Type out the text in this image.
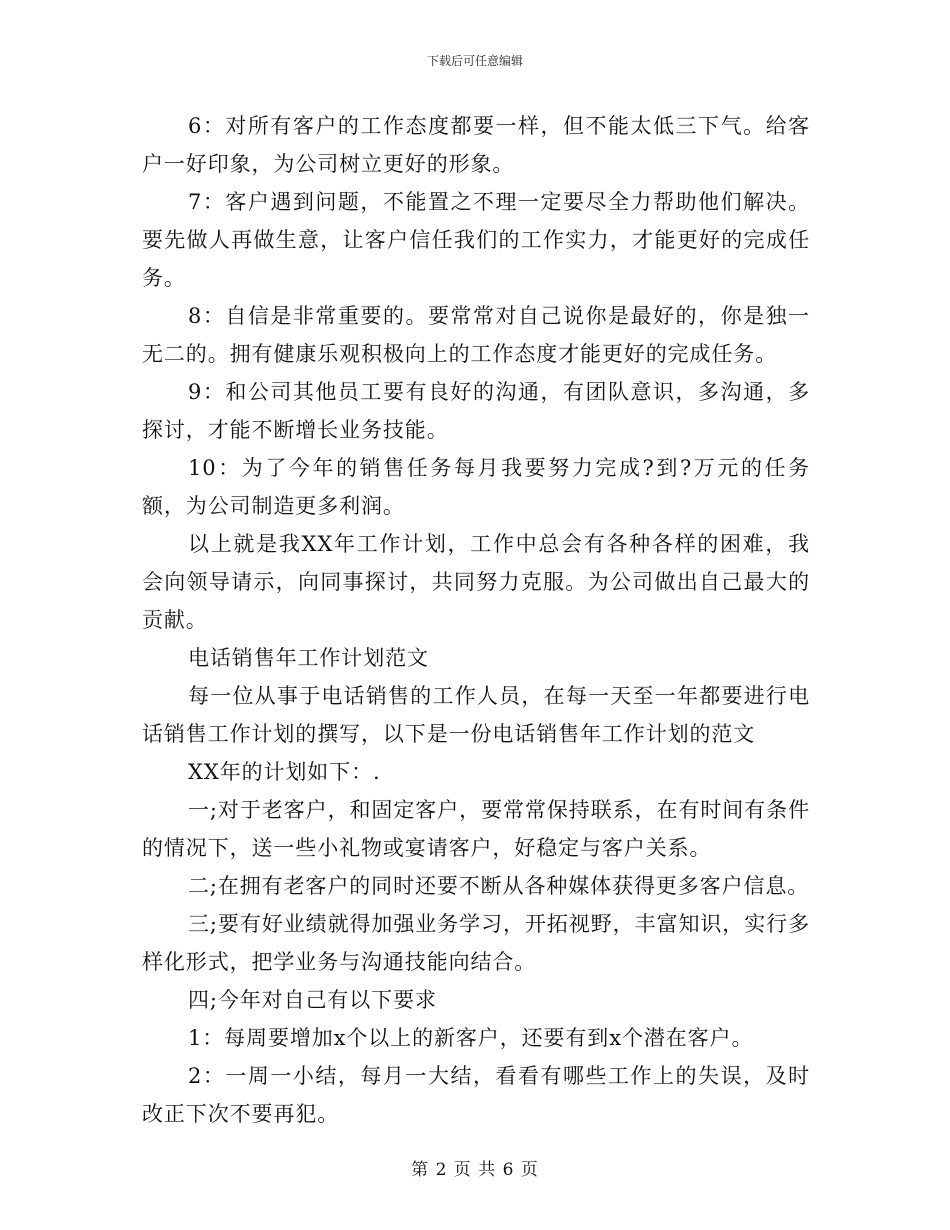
下载后可任意编辑

6：对所有客户的工作态度都要一样，但不能太低三下气。给客户一好印象，为公司树立更好的形象。

7：客户遇到问题，不能置之不理一定要尽全力帮助他们解决。要先做人再做生意，让客户信任我们的工作实力，才能更好的完成任务。

8：自信是非常重要的。要常常对自己说你是最好的，你是独一无二的。拥有健康乐观积极向上的工作态度才能更好的完成任务。

9：和公司其他员工要有良好的沟通，有团队意识，多沟通，多探讨，才能不断增长业务技能。

10：为了今年的销售任务每月我要努力完成?到?万元的任务额，为公司制造更多利润。

以上就是我XX年工作计划，工作中总会有各种各样的困难，我会向领导请示，向同事探讨，共同努力克服。为公司做出自己最大的贡献。

电话销售年工作计划范文

每一位从事于电话销售的工作人员，在每一天至一年都要进行电话销售工作计划的撰写，以下是一份电话销售年工作计划的范文

XX年的计划如下：.

一;对于老客户，和固定客户，要常常保持联系，在有时间有条件的情况下，送一些小礼物或宴请客户，好稳定与客户关系。

二;在拥有老客户的同时还要不断从各种媒体获得更多客户信息。

三;要有好业绩就得加强业务学习，开拓视野，丰富知识，实行多样化形式，把学业务与沟通技能向结合。

四;今年对自己有以下要求

1：每周要增加x个以上的新客户，还要有到x个潜在客户。

2：一周一小结，每月一大结，看看有哪些工作上的失误，及时改正下次不要再犯。

第 2 页 共 6 页
